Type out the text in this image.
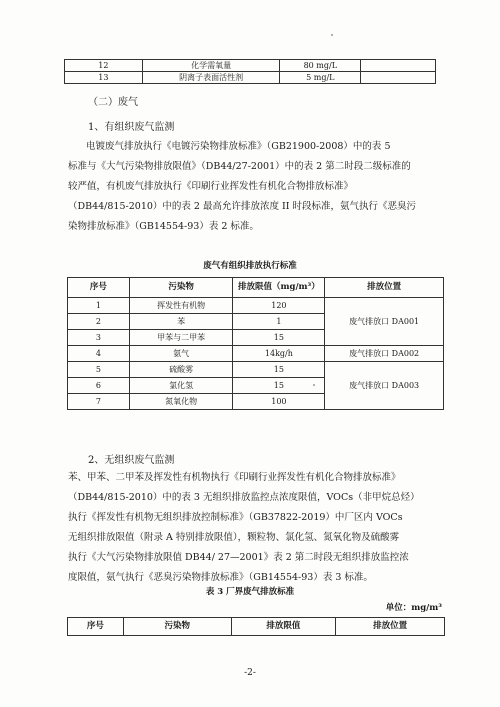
12	化学需氧量	80 mg/L	
13	阴离子表面活性剂	5 mg/L	
（二）废气
1、有组织废气监测
电镀废气排放执行《电镀污染物排放标准》（GB21900-2008）中的表 5
标准与《大气污染物排放限值》（DB44/27-2001）中的表 2 第二时段二级标准的
较严值，有机废气排放执行《印刷行业挥发性有机化合物排放标准》
（DB44/815-2010）中的表 2 最高允许排放浓度 II 时段标准，氨气执行《恶臭污
染物排放标准》（GB14554-93）表 2 标准。
废气有组织排放执行标准
序号	污染物	排放限值（mg/m³）	排放位置
1	挥发性有机物	120	废气排放口 DA001
2	苯	1	
3	甲苯与二甲苯	15	
4	氨气	14kg/h	废气排放口 DA002
5	硫酸雾	15	废气排放口 DA003
6	氯化氢	15	
7	氮氧化物	100	
2、无组织废气监测
苯、甲苯、二甲苯及挥发性有机物执行《印刷行业挥发性有机化合物排放标准》
（DB44/815-2010）中的表 3 无组织排放监控点浓度限值，VOCs（非甲烷总烃）
执行《挥发性有机物无组织排放控制标准》（GB37822-2019）中厂区内 VOCs
无组织排放限值（附录 A 特别排放限值），颗粒物、氯化氢、氮氧化物及硫酸雾
执行《大气污染物排放限值 DB44/ 27—2001》表 2 第二时段无组织排放监控浓
度限值，氨气执行《恶臭污染物排放标准》（GB14554-93）表 3 标准。
表 3 厂界废气排放标准
单位：mg/m³
序号	污染物	排放限值	排放位置
-2-
